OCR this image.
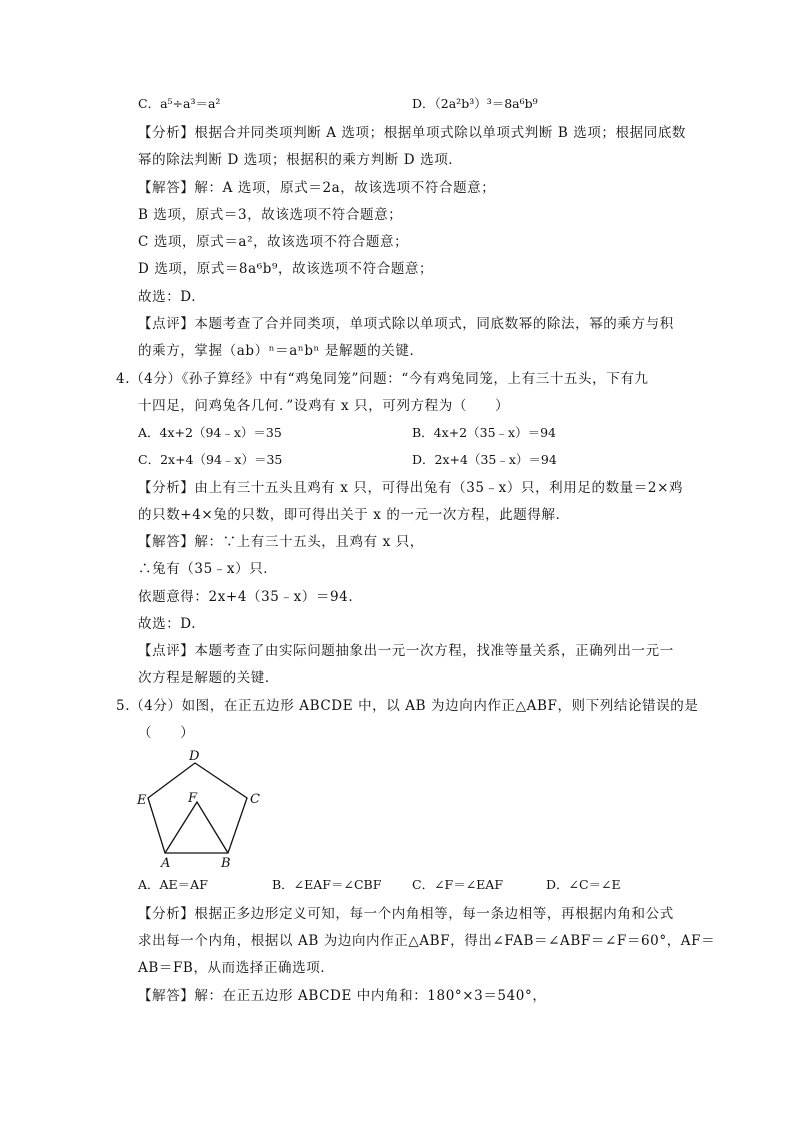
C．a⁵÷a³＝a²	D．（2a²b³）³＝8a⁶b⁹
【分析】根据合并同类项判断 A 选项；根据单项式除以单项式判断 B 选项；根据同底数
幂的除法判断 D 选项；根据积的乘方判断 D 选项．
【解答】解：A 选项，原式＝2a，故该选项不符合题意；
B 选项，原式＝3，故该选项不符合题意；
C 选项，原式＝a²，故该选项不符合题意；
D 选项，原式＝8a⁶b⁹，故该选项不符合题意；
故选：D.
【点评】本题考查了合并同类项，单项式除以单项式，同底数幂的除法，幂的乘方与积
的乘方，掌握（ab）ⁿ＝aⁿbⁿ 是解题的关键．
4.（4分）《孙子算经》中有“鸡兔同笼”问题：“今有鸡兔同笼，上有三十五头，下有九
十四足，问鸡兔各几何．”设鸡有 x 只，可列方程为（　　）
A．4x+2（94﹣x）＝35	B．4x+2（35﹣x）＝94
C．2x+4（94﹣x）＝35	D．2x+4（35﹣x）＝94
【分析】由上有三十五头且鸡有 x 只，可得出兔有（35﹣x）只，利用足的数量＝2×鸡
的只数+4×兔的只数，即可得出关于 x 的一元一次方程，此题得解．
【解答】解：∵上有三十五头，且鸡有 x 只，
∴兔有（35﹣x）只．
依题意得：2x+4（35﹣x）＝94．
故选：D.
【点评】本题考查了由实际问题抽象出一元一次方程，找准等量关系，正确列出一元一
次方程是解题的关键．
5.（4分）如图，在正五边形 ABCDE 中，以 AB 为边向内作正△ABF，则下列结论错误的是
（　　）
D
C
E	F
A	B
A．AE＝AF	B．∠EAF＝∠CBF C．∠F＝∠EAF	D．∠C＝∠E
【分析】根据正多边形定义可知，每一个内角相等，每一条边相等，再根据内角和公式
求出每一个内角，根据以 AB 为边向内作正△ABF，得出∠FAB＝∠ABF＝∠F＝60°，AF＝
AB＝FB，从而选择正确选项．
【解答】解：在正五边形 ABCDE 中内角和：180°×3＝540°，
